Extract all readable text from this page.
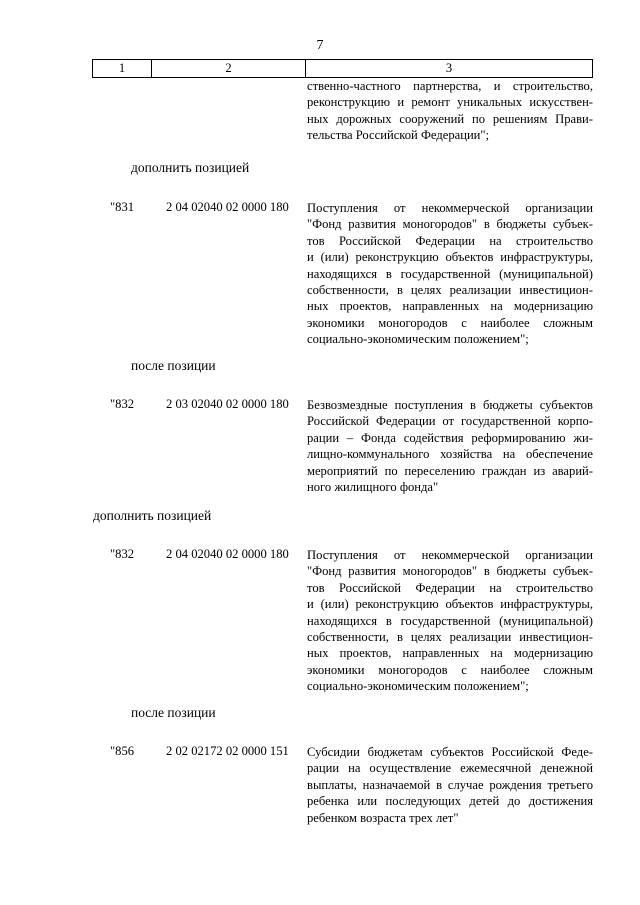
7
1	2	3
ственно-частного партнерства, и строительство,
реконструкцию и ремонт уникальных искусствен-
ных дорожных сооружений по решениям Прави-
тельства Российской Федерации";
дополнить позицией
"831	2 04 02040 02 0000 180 Поступления от некоммерческой организации
"Фонд развития моногородов" в бюджеты субъек-
тов Российской Федерации на строительство
и (или) реконструкцию объектов инфраструктуры,
находящихся в государственной (муниципальной)
собственности, в целях реализации инвестицион-
ных проектов, направленных на модернизацию
экономики моногородов с наиболее сложным
социально-экономическим положением";
после позиции
"832	2 03 02040 02 0000 180 Безвозмездные поступления в бюджеты субъектов
Российской Федерации от государственной корпо-
рации – Фонда содействия реформированию жи-
лищно-коммунального хозяйства на обеспечение
мероприятий по переселению граждан из аварий-
ного жилищного фонда"
дополнить позицией
"832	2 04 02040 02 0000 180 Поступления от некоммерческой организации
"Фонд развития моногородов" в бюджеты субъек-
тов Российской Федерации на строительство
и (или) реконструкцию объектов инфраструктуры,
находящихся в государственной (муниципальной)
собственности, в целях реализации инвестицион-
ных проектов, направленных на модернизацию
экономики моногородов с наиболее сложным
социально-экономическим положением";
после позиции
"856	2 02 02172 02 0000 151 Субсидии бюджетам субъектов Российской Феде-
рации на осуществление ежемесячной денежной
выплаты, назначаемой в случае рождения третьего
ребенка или последующих детей до достижения
ребенком возраста трех лет"
